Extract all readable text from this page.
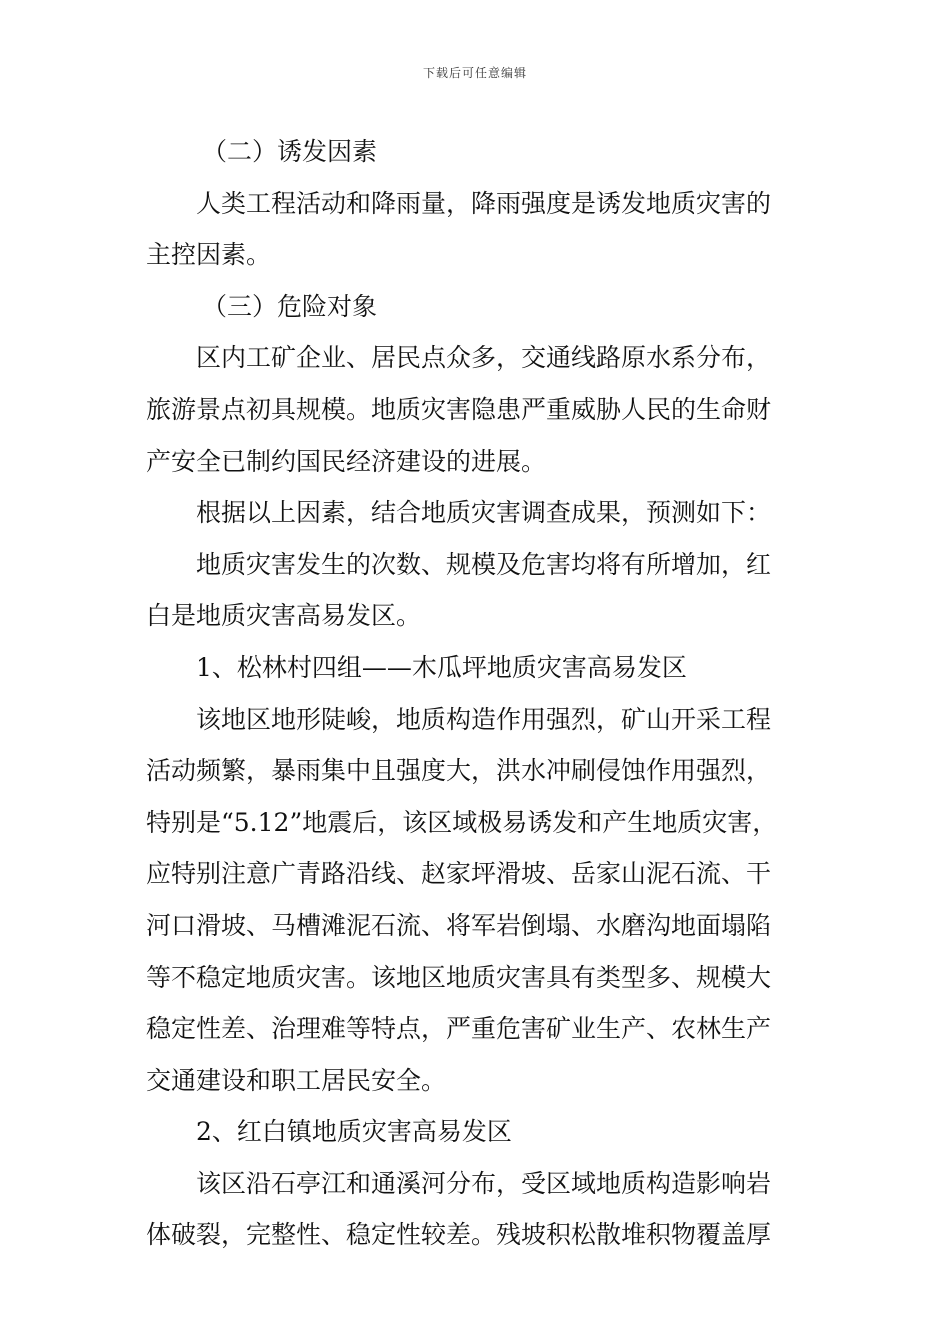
下载后可任意编辑
（二）诱发因素
人类工程活动和降雨量，降雨强度是诱发地质灾害的
主控因素。
（三）危险对象
区内工矿企业、居民点众多，交通线路原水系分布，
旅游景点初具规模。地质灾害隐患严重威胁人民的生命财
产安全已制约国民经济建设的进展。
根据以上因素，结合地质灾害调查成果，预测如下：
地质灾害发生的次数、规模及危害均将有所增加，红
白是地质灾害高易发区。
1、松林村四组——木瓜坪地质灾害高易发区
该地区地形陡峻，地质构造作用强烈，矿山开采工程
活动频繁，暴雨集中且强度大，洪水冲刷侵蚀作用强烈，
特别是“5.12”地震后，该区域极易诱发和产生地质灾害，
应特别注意广青路沿线、赵家坪滑坡、岳家山泥石流、干
河口滑坡、马槽滩泥石流、将军岩倒塌、水磨沟地面塌陷
等不稳定地质灾害。该地区地质灾害具有类型多、规模大
稳定性差、治理难等特点，严重危害矿业生产、农林生产
交通建设和职工居民安全。
2、红白镇地质灾害高易发区
该区沿石亭江和通溪河分布，受区域地质构造影响岩
体破裂，完整性、稳定性较差。残坡积松散堆积物覆盖厚
